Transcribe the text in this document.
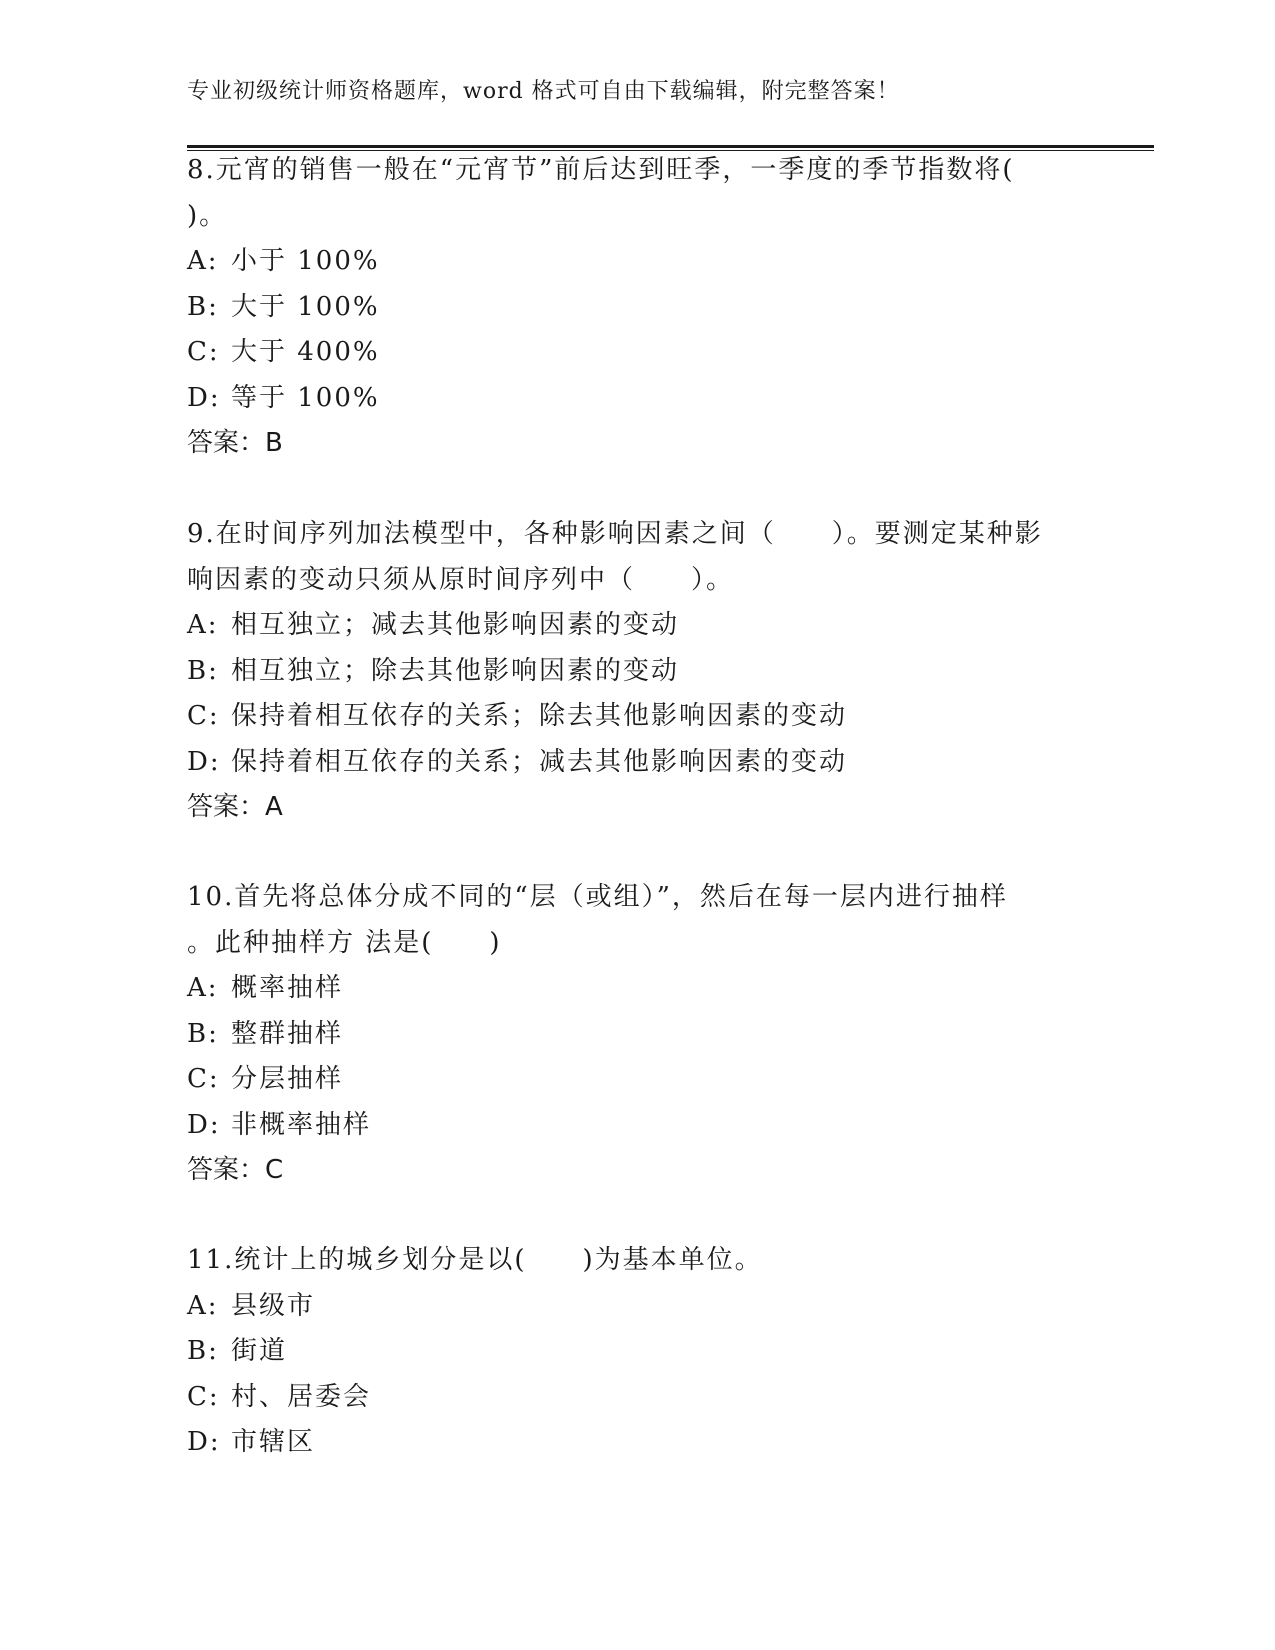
专业初级统计师资格题库，word 格式可自由下载编辑，附完整答案！
8.元宵的销售一般在“元宵节”前后达到旺季，一季度的季节指数将(
)。
A: 小于 100%
B: 大于 100%
C: 大于 400%
D: 等于 100%
答案：B
9.在时间序列加法模型中，各种影响因素之间（　　）。要测定某种影
响因素的变动只须从原时间序列中（　　）。
A: 相互独立；减去其他影响因素的变动
B: 相互独立；除去其他影响因素的变动
C: 保持着相互依存的关系；除去其他影响因素的变动
D: 保持着相互依存的关系；减去其他影响因素的变动
答案：A
10.首先将总体分成不同的“层（或组）”，然后在每一层内进行抽样
。此种抽样方 法是(　　)
A: 概率抽样
B: 整群抽样
C: 分层抽样
D: 非概率抽样
答案：C
11.统计上的城乡划分是以(　　)为基本单位。
A: 县级市
B: 街道
C: 村、居委会
D: 市辖区
